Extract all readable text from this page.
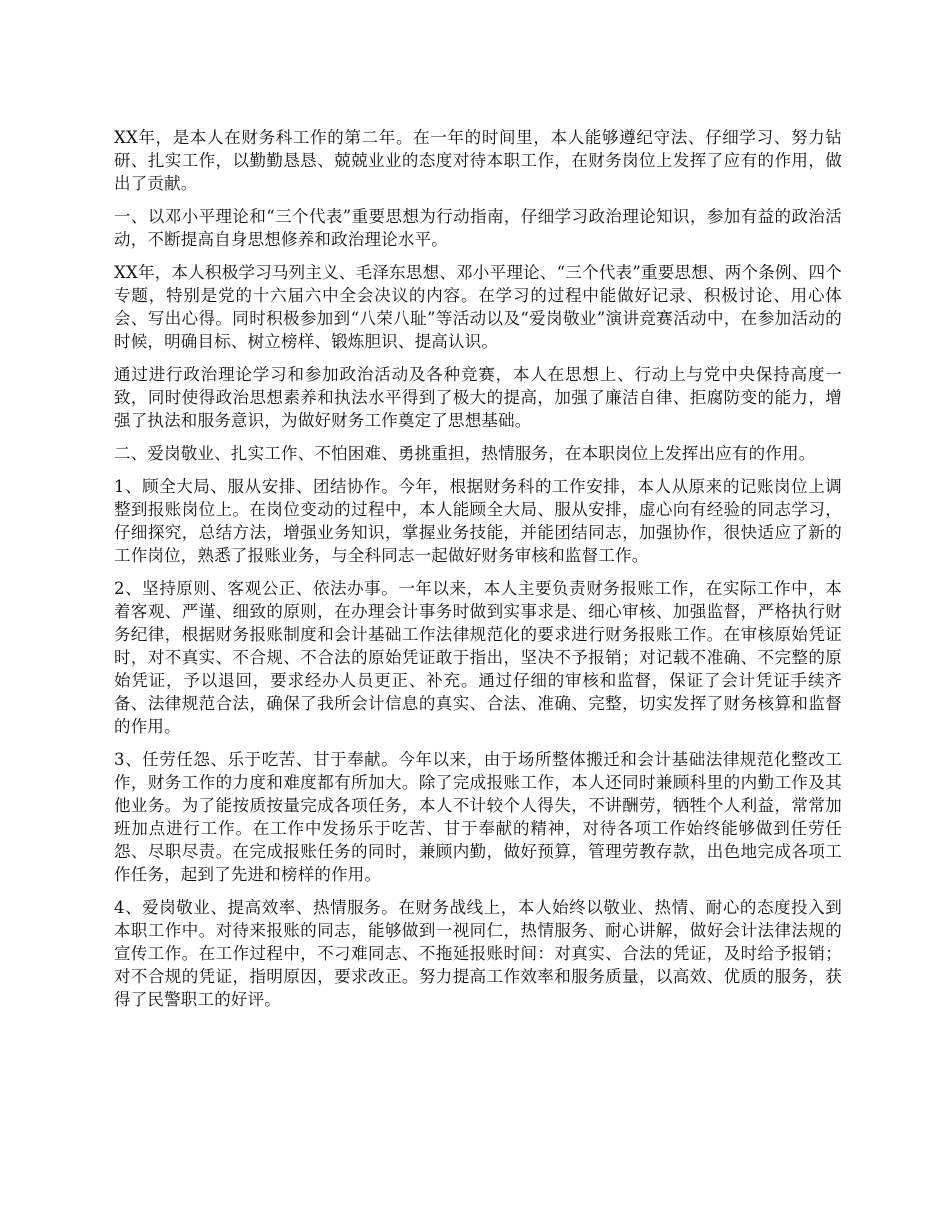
XX年，是本人在财务科工作的第二年。在一年的时间里，本人能够遵纪守法、仔细学习、努力钻研、扎实工作，以勤勤恳恳、兢兢业业的态度对待本职工作，在财务岗位上发挥了应有的作用，做出了贡献。

一、以邓小平理论和“三个代表”重要思想为行动指南，仔细学习政治理论知识，参加有益的政治活动，不断提高自身思想修养和政治理论水平。

XX年，本人积极学习马列主义、毛泽东思想、邓小平理论、“三个代表”重要思想、两个条例、四个专题，特别是党的十六届六中全会决议的内容。在学习的过程中能做好记录、积极讨论、用心体会、写出心得。同时积极参加到“八荣八耻”等活动以及“爱岗敬业”演讲竞赛活动中，在参加活动的时候，明确目标、树立榜样、锻炼胆识、提高认识。

通过进行政治理论学习和参加政治活动及各种竞赛，本人在思想上、行动上与党中央保持高度一致，同时使得政治思想素养和执法水平得到了极大的提高，加强了廉洁自律、拒腐防变的能力，增强了执法和服务意识，为做好财务工作奠定了思想基础。

二、爱岗敬业、扎实工作、不怕困难、勇挑重担，热情服务，在本职岗位上发挥出应有的作用。

1、顾全大局、服从安排、团结协作。今年，根据财务科的工作安排，本人从原来的记账岗位上调整到报账岗位上。在岗位变动的过程中，本人能顾全大局、服从安排，虚心向有经验的同志学习，仔细探究，总结方法，增强业务知识，掌握业务技能，并能团结同志，加强协作，很快适应了新的工作岗位，熟悉了报账业务，与全科同志一起做好财务审核和监督工作。

2、坚持原则、客观公正、依法办事。一年以来，本人主要负责财务报账工作，在实际工作中，本着客观、严谨、细致的原则，在办理会计事务时做到实事求是、细心审核、加强监督，严格执行财务纪律，根据财务报账制度和会计基础工作法律规范化的要求进行财务报账工作。在审核原始凭证时，对不真实、不合规、不合法的原始凭证敢于指出，坚决不予报销；对记载不准确、不完整的原始凭证，予以退回，要求经办人员更正、补充。通过仔细的审核和监督，保证了会计凭证手续齐备、法律规范合法，确保了我所会计信息的真实、合法、准确、完整，切实发挥了财务核算和监督的作用。

3、任劳任怨、乐于吃苦、甘于奉献。今年以来，由于场所整体搬迁和会计基础法律规范化整改工作，财务工作的力度和难度都有所加大。除了完成报账工作，本人还同时兼顾科里的内勤工作及其他业务。为了能按质按量完成各项任务，本人不计较个人得失，不讲酬劳，牺牲个人利益，常常加班加点进行工作。在工作中发扬乐于吃苦、甘于奉献的精神，对待各项工作始终能够做到任劳任怨、尽职尽责。在完成报账任务的同时，兼顾内勤，做好预算，管理劳教存款，出色地完成各项工作任务，起到了先进和榜样的作用。

4、爱岗敬业、提高效率、热情服务。在财务战线上，本人始终以敬业、热情、耐心的态度投入到本职工作中。对待来报账的同志，能够做到一视同仁，热情服务、耐心讲解，做好会计法律法规的宣传工作。在工作过程中，不刁难同志、不拖延报账时间：对真实、合法的凭证，及时给予报销；对不合规的凭证，指明原因，要求改正。努力提高工作效率和服务质量，以高效、优质的服务，获得了民警职工的好评。
